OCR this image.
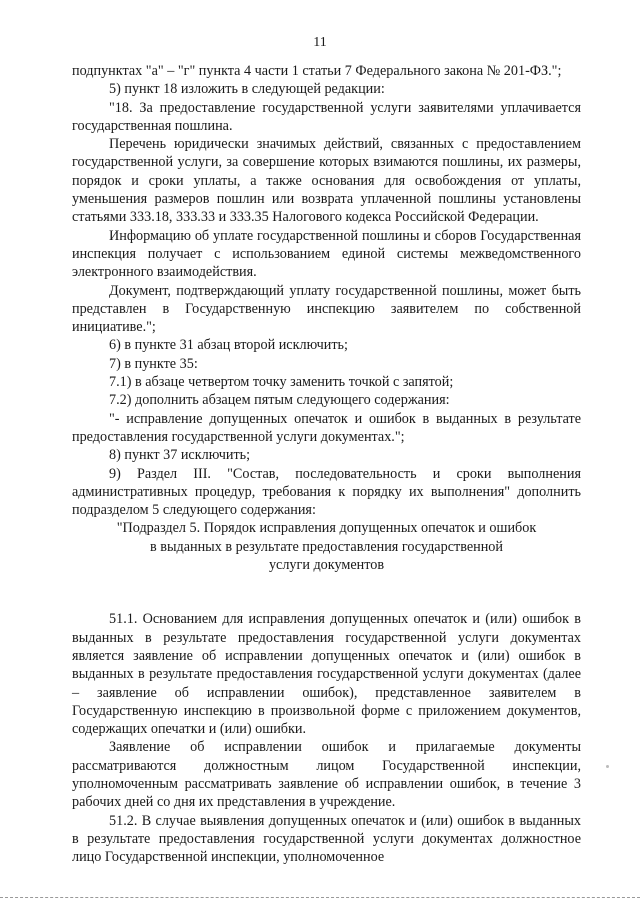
11

подпунктах "а" – "г" пункта 4 части 1 статьи 7 Федерального закона № 201-ФЗ.";

5) пункт 18 изложить в следующей редакции:

"18. За предоставление государственной услуги заявителями уплачивается государственная пошлина.

Перечень юридически значимых действий, связанных с предоставлением государственной услуги, за совершение которых взимаются пошлины, их размеры, порядок и сроки уплаты, а также основания для освобождения от уплаты, уменьшения размеров пошлин или возврата уплаченной пошлины установлены статьями 333.18, 333.33 и 333.35 Налогового кодекса Российской Федерации.

Информацию об уплате государственной пошлины и сборов Государственная инспекция получает с использованием единой системы межведомственного электронного взаимодействия.

Документ, подтверждающий уплату государственной пошлины, может быть представлен в Государственную инспекцию заявителем по собственной инициативе.";

6) в пункте 31 абзац второй исключить;

7) в пункте 35:

7.1) в абзаце четвертом точку заменить точкой с запятой;

7.2) дополнить абзацем пятым следующего содержания:

"- исправление допущенных опечаток и ошибок в выданных в результате предоставления государственной услуги документах.";

8) пункт 37 исключить;

9) Раздел III. "Состав, последовательность и сроки выполнения административных процедур, требования к порядку их выполнения" дополнить подразделом 5 следующего содержания:

"Подраздел 5. Порядок исправления допущенных опечаток и ошибок

в выданных в результате предоставления государственной

услуги документов

51.1. Основанием для исправления допущенных опечаток и (или) ошибок в выданных в результате предоставления государственной услуги документах является заявление об исправлении допущенных опечаток и (или) ошибок в выданных в результате предоставления государственной услуги документах (далее – заявление об исправлении ошибок), представленное заявителем в Государственную инспекцию в произвольной форме с приложением документов, содержащих опечатки и (или) ошибки.

Заявление об исправлении ошибок и прилагаемые документы рассматриваются должностным лицом Государственной инспекции, уполномоченным рассматривать заявление об исправлении ошибок, в течение 3 рабочих дней со дня их представления в учреждение.

51.2. В случае выявления допущенных опечаток и (или) ошибок в выданных в результате предоставления государственной услуги документах должностное лицо Государственной инспекции, уполномоченное
